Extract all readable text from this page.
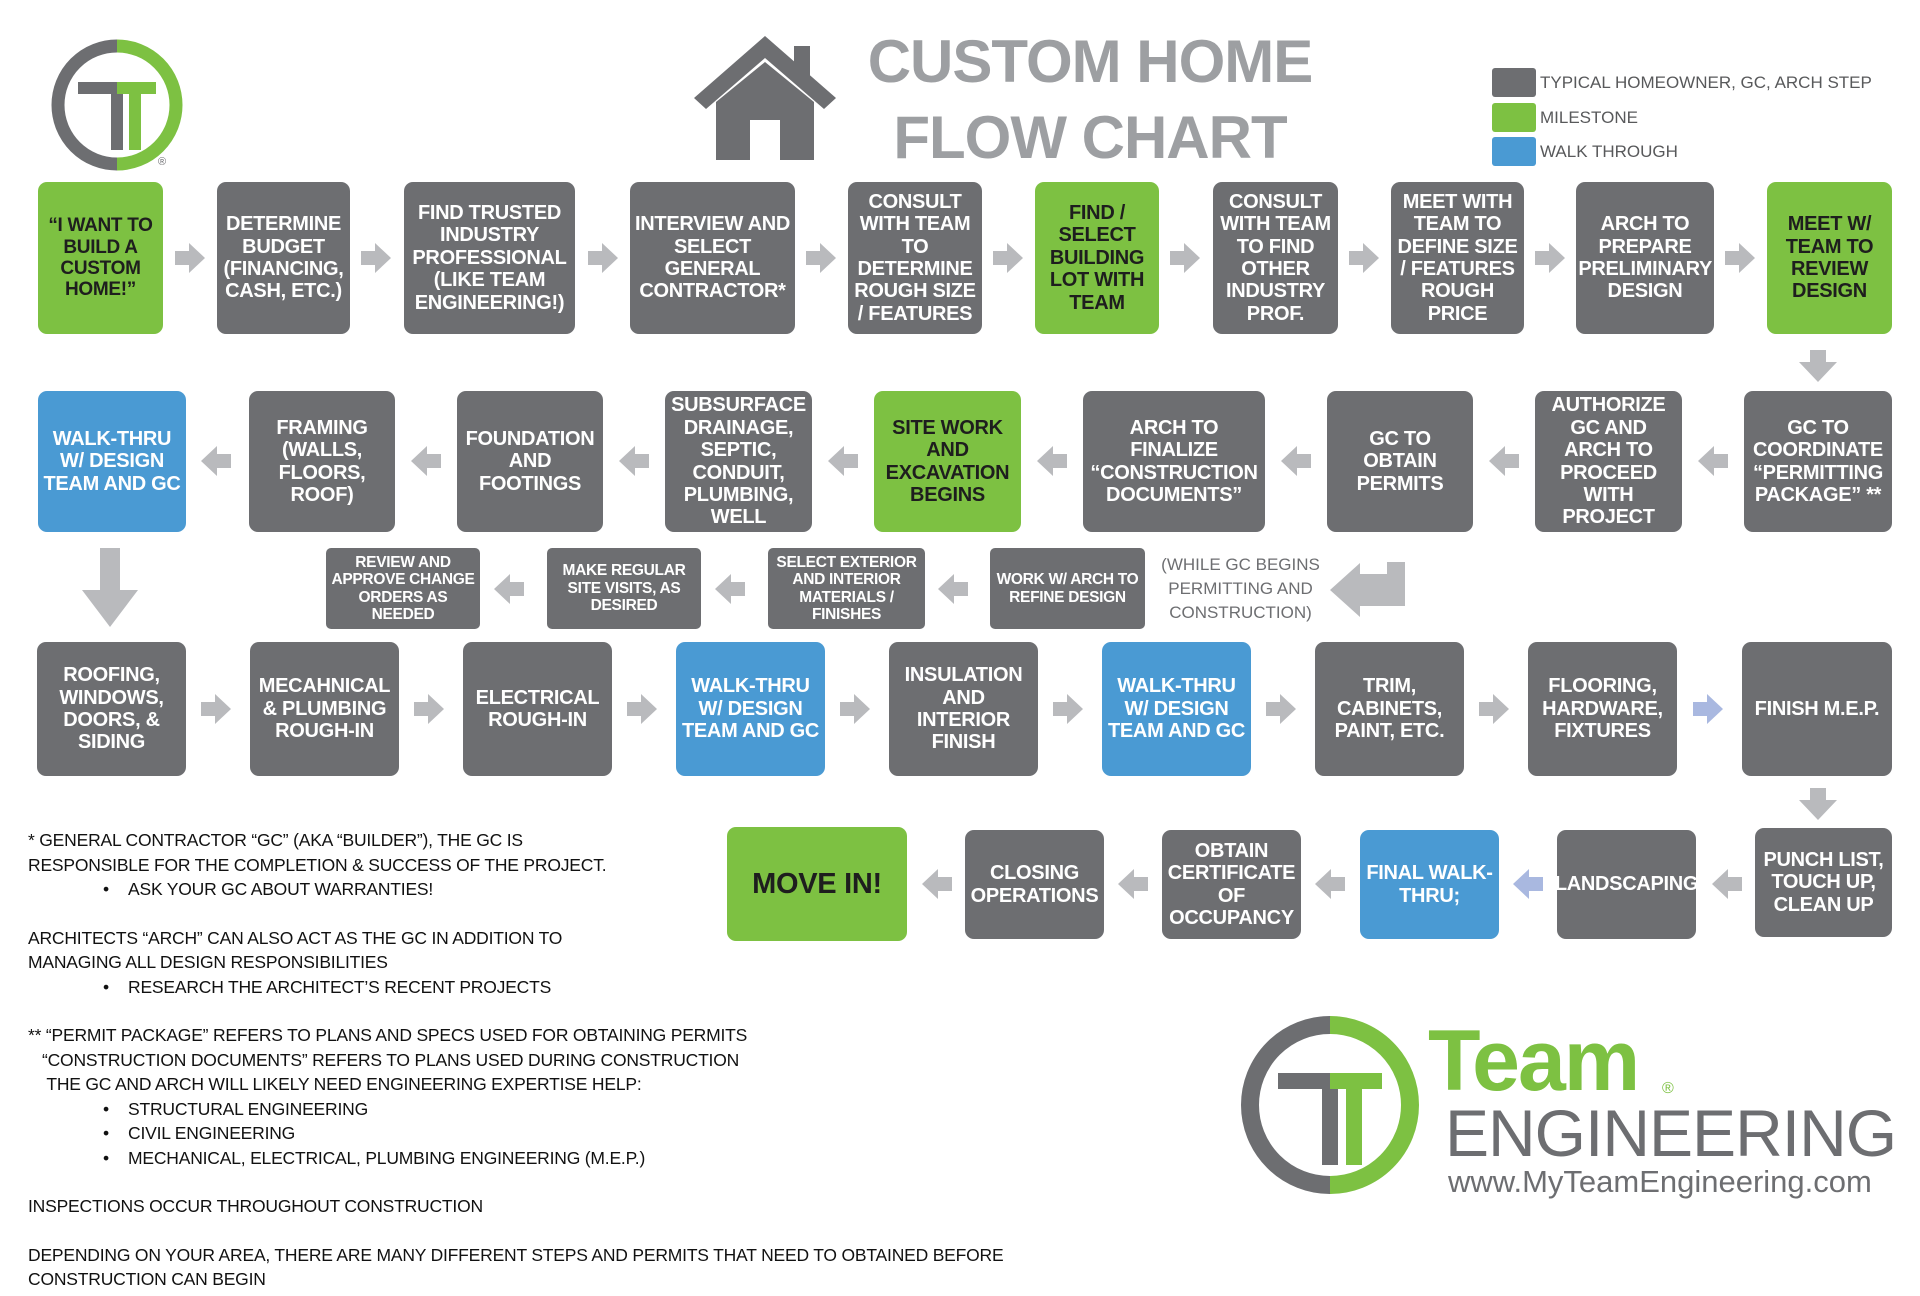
®
CUSTOM HOME
FLOW CHART
TYPICAL HOMEOWNER, GC, ARCH STEP
MILESTONE
WALK THROUGH
“I WANT TO BUILD A CUSTOM HOME!”
DETERMINE BUDGET (FINANCING, CASH, ETC.)
FIND TRUSTED INDUSTRY PROFESSIONAL (LIKE TEAM ENGINEERING!)
INTERVIEW AND SELECT GENERAL CONTRACTOR*
CONSULT WITH TEAM TO DETERMINE ROUGH SIZE / FEATURES
FIND / SELECT BUILDING LOT WITH TEAM
CONSULT WITH TEAM TO FIND OTHER INDUSTRY PROF.
MEET WITH TEAM TO DEFINE SIZE / FEATURES ROUGH PRICE
ARCH TO PREPARE PRELIMINARY DESIGN
MEET W/ TEAM TO REVIEW DESIGN
WALK-THRU W/ DESIGN TEAM AND GC
FRAMING (WALLS, FLOORS, ROOF)
FOUNDATION AND FOOTINGS
SUBSURFACE DRAINAGE, SEPTIC, CONDUIT, PLUMBING, WELL
SITE WORK AND EXCAVATION BEGINS
ARCH TO FINALIZE “CONSTRUCTION DOCUMENTS”
GC TO OBTAIN PERMITS
AUTHORIZE GC AND ARCH TO PROCEED WITH PROJECT
GC TO COORDINATE “PERMITTING PACKAGE” **
REVIEW AND APPROVE CHANGE ORDERS AS NEEDED
MAKE REGULAR SITE VISITS, AS DESIRED
SELECT EXTERIOR AND INTERIOR MATERIALS / FINISHES
WORK W/ ARCH TO REFINE DESIGN
(WHILE GC BEGINS PERMITTING AND CONSTRUCTION)
ROOFING, WINDOWS, DOORS, & SIDING
MECAHNICAL & PLUMBING ROUGH-IN
ELECTRICAL ROUGH-IN
WALK-THRU W/ DESIGN TEAM AND GC
INSULATION AND INTERIOR FINISH
WALK-THRU W/ DESIGN TEAM AND GC
TRIM, CABINETS, PAINT, ETC.
FLOORING, HARDWARE, FIXTURES
FINISH M.E.P.
MOVE IN!	CLOSING OPERATIONS
OBTAIN CERTIFICATE OF OCCUPANCY
FINAL WALK-THRU;
LANDSCAPING
PUNCH LIST, TOUCH UP, CLEAN UP
* GENERAL CONTRACTOR “GC” (AKA “BUILDER”), THE GC IS
RESPONSIBLE FOR THE COMPLETION & SUCCESS OF THE PROJECT.
• ASK YOUR GC ABOUT WARRANTIES!
ARCHITECTS “ARCH” CAN ALSO ACT AS THE GC IN ADDITION TO
MANAGING ALL DESIGN RESPONSIBILITIES
• RESEARCH THE ARCHITECT’S RECENT PROJECTS
** “PERMIT PACKAGE” REFERS TO PLANS AND SPECS USED FOR OBTAINING PERMITS
“CONSTRUCTION DOCUMENTS” REFERS TO PLANS USED DURING CONSTRUCTION
THE GC AND ARCH WILL LIKELY NEED ENGINEERING EXPERTISE HELP:
• STRUCTURAL ENGINEERING
• CIVIL ENGINEERING
• MECHANICAL, ELECTRICAL, PLUMBING ENGINEERING (M.E.P.)
INSPECTIONS OCCUR THROUGHOUT CONSTRUCTION
DEPENDING ON YOUR AREA, THERE ARE MANY DIFFERENT STEPS AND PERMITS THAT NEED TO OBTAINED BEFORE
CONSTRUCTION CAN BEGIN
Team ®
ENGINEERING
www.MyTeamEngineering.com
